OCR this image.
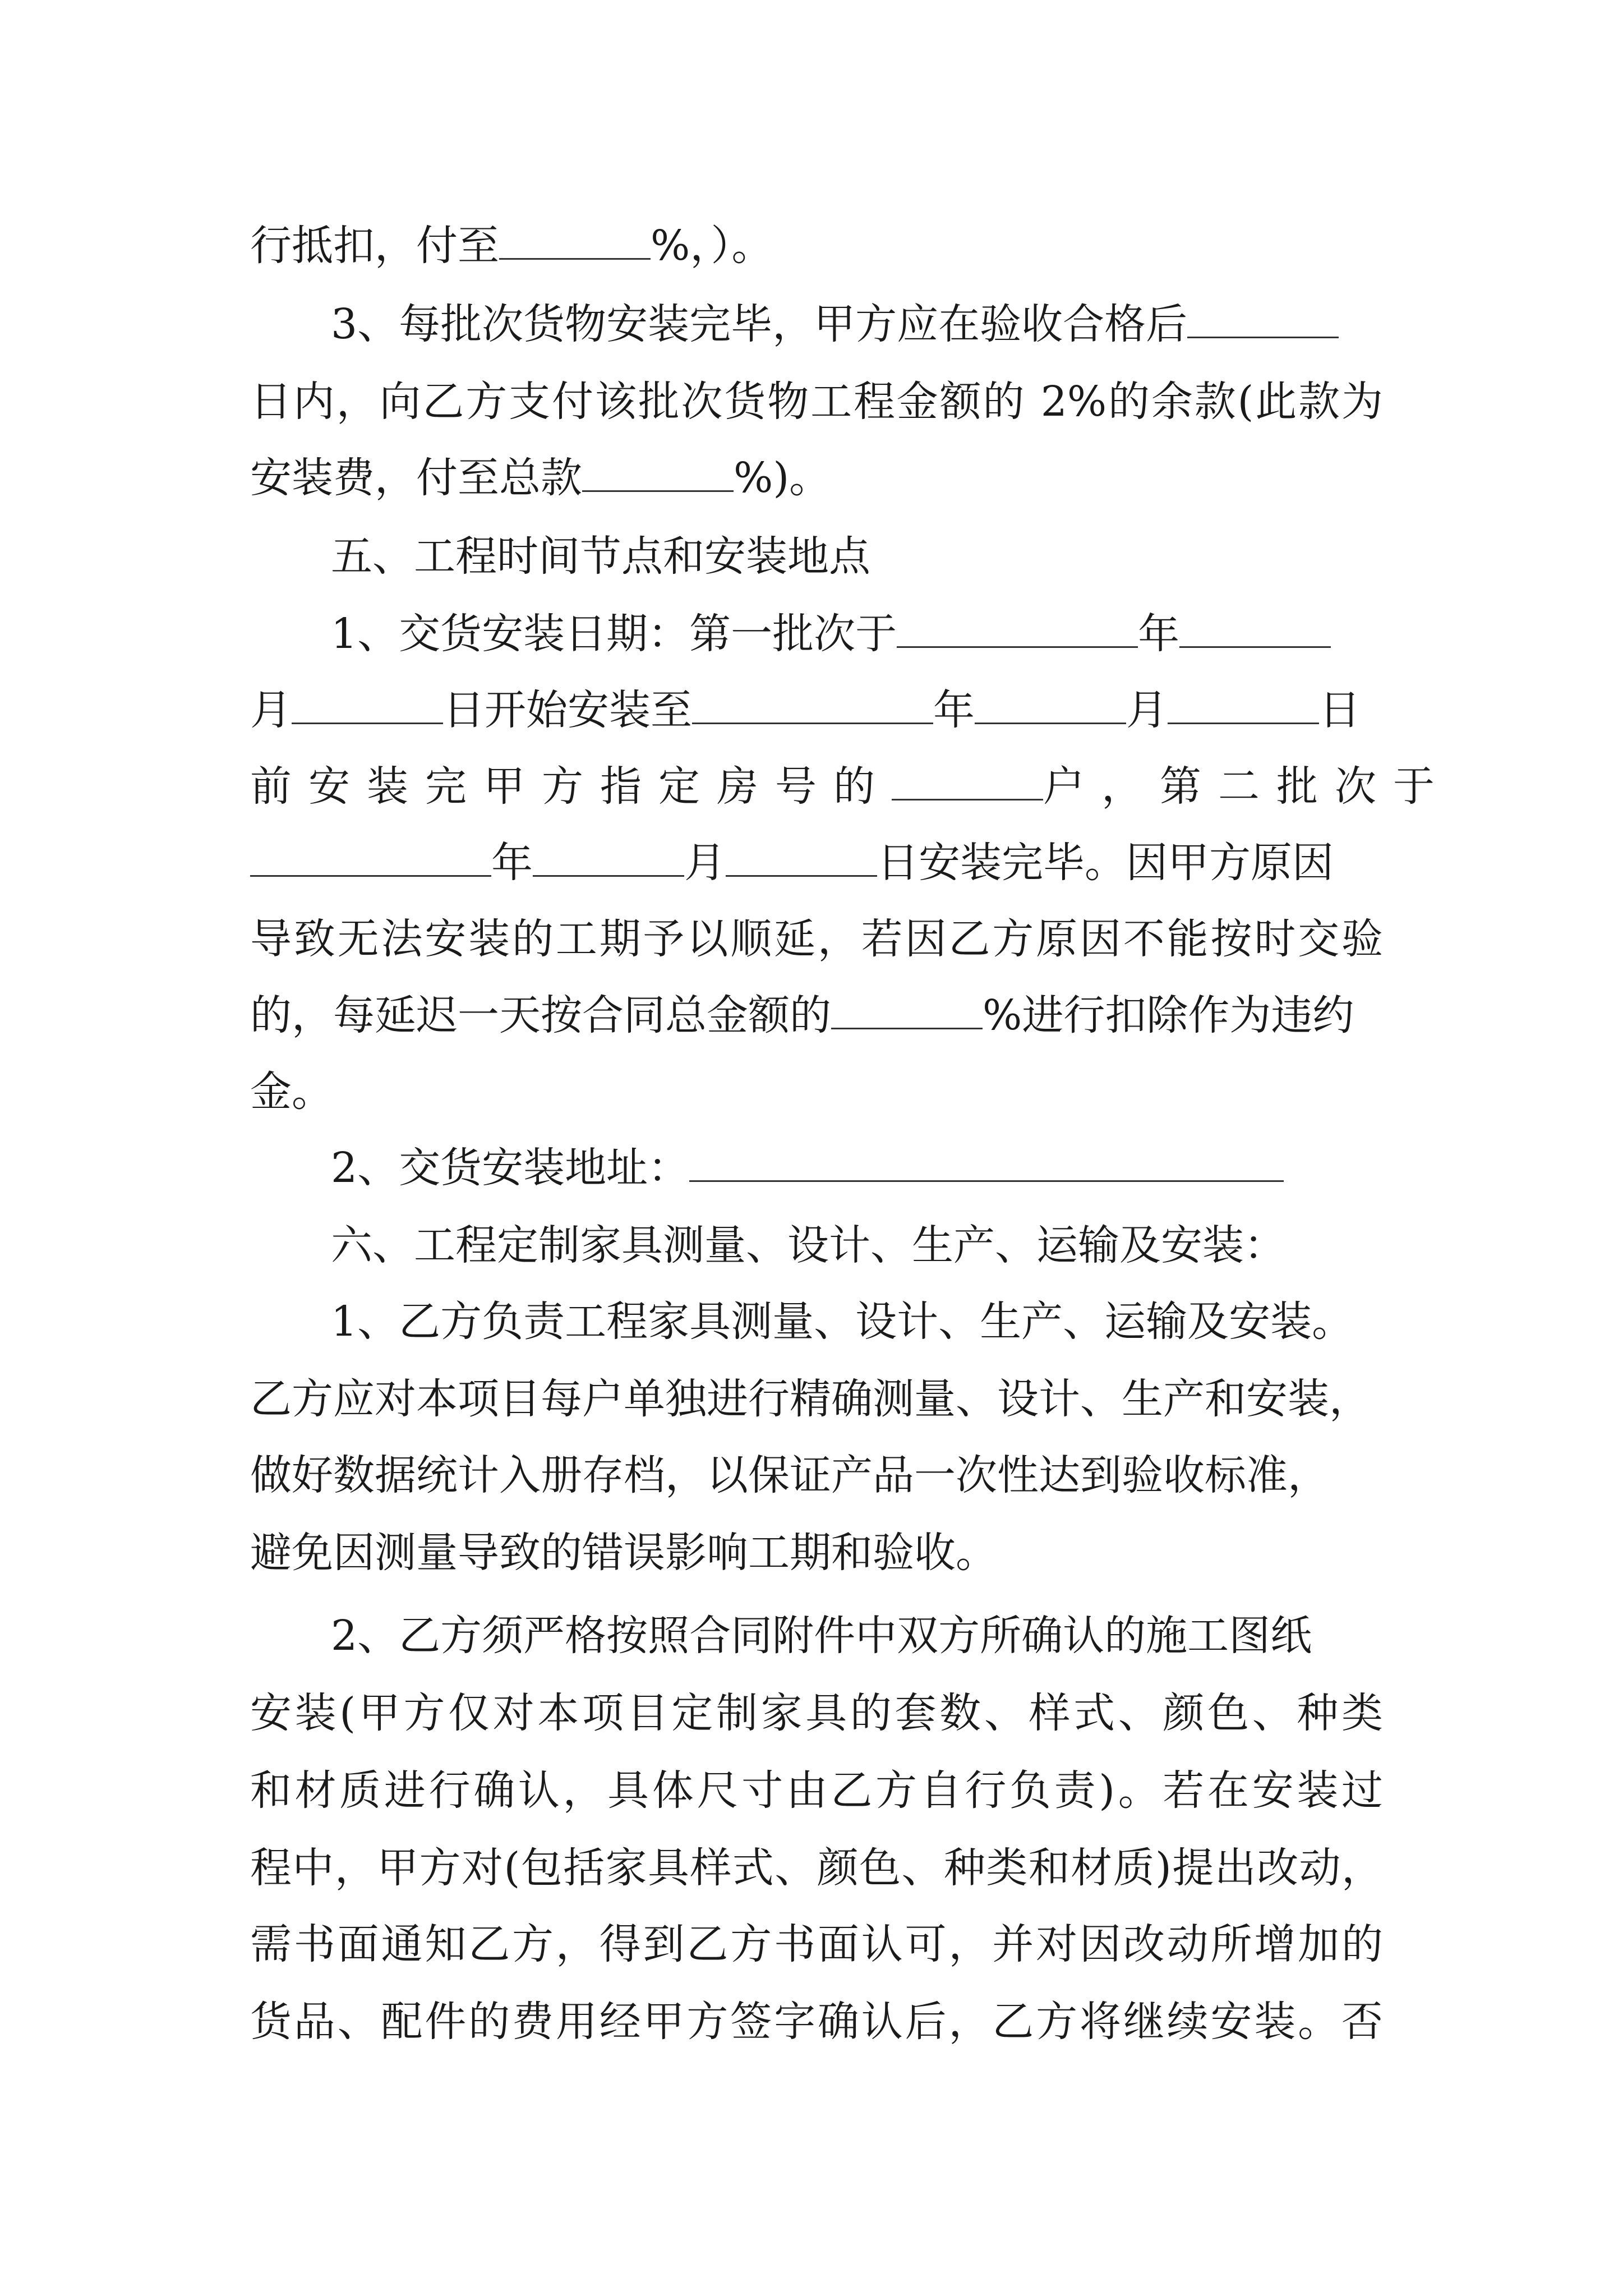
行抵扣，付至	%，）。
3、每批次货物安装完毕，甲方应在验收合格后
日内，向乙方支付该批次货物工程金额的 2%的余款(此款为
安装费，付至总款	%)。
五、工程时间节点和安装地点
1、交货安装日期：第一批次于	年
月	日开始安装至	年	月	日
前安装完甲方指定房号的	户，第二批次于
年	月	日安装完毕。因甲方原因
导致无法安装的工期予以顺延，若因乙方原因不能按时交验
的，每延迟一天按合同总金额的	%进行扣除作为违约
金。
2、交货安装地址：
六、工程定制家具测量、设计、生产、运输及安装：
1、乙方负责工程家具测量、设计、生产、运输及安装。
乙方应对本项目每户单独进行精确测量、设计、生产和安装，
做好数据统计入册存档，以保证产品一次性达到验收标准，
避免因测量导致的错误影响工期和验收。
2、乙方须严格按照合同附件中双方所确认的施工图纸
安装(甲方仅对本项目定制家具的套数、样式、颜色、种类
和材质进行确认，具体尺寸由乙方自行负责)。若在安装过
程中，甲方对(包括家具样式、颜色、种类和材质)提出改动，
需书面通知乙方，得到乙方书面认可，并对因改动所增加的
货品、配件的费用经甲方签字确认后，乙方将继续安装。否
